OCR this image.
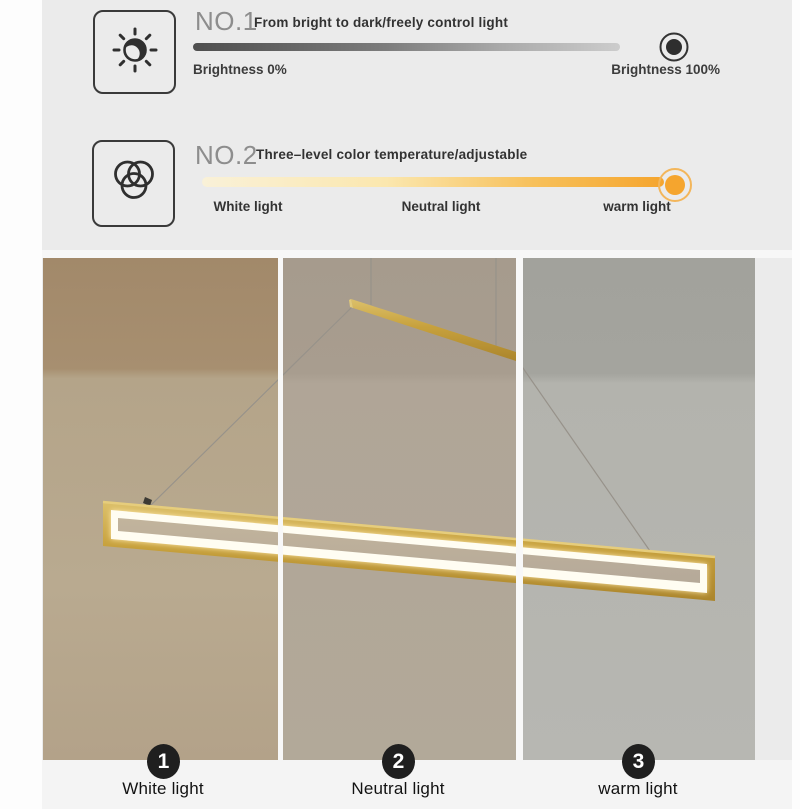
NO.1
From bright to dark/freely control light
Brightness 0%	Brightness 100%
NO.2
Three–level color temperature/adjustable
White light	Neutral light	warm light
1	2	3
White light	Neutral light	warm light
